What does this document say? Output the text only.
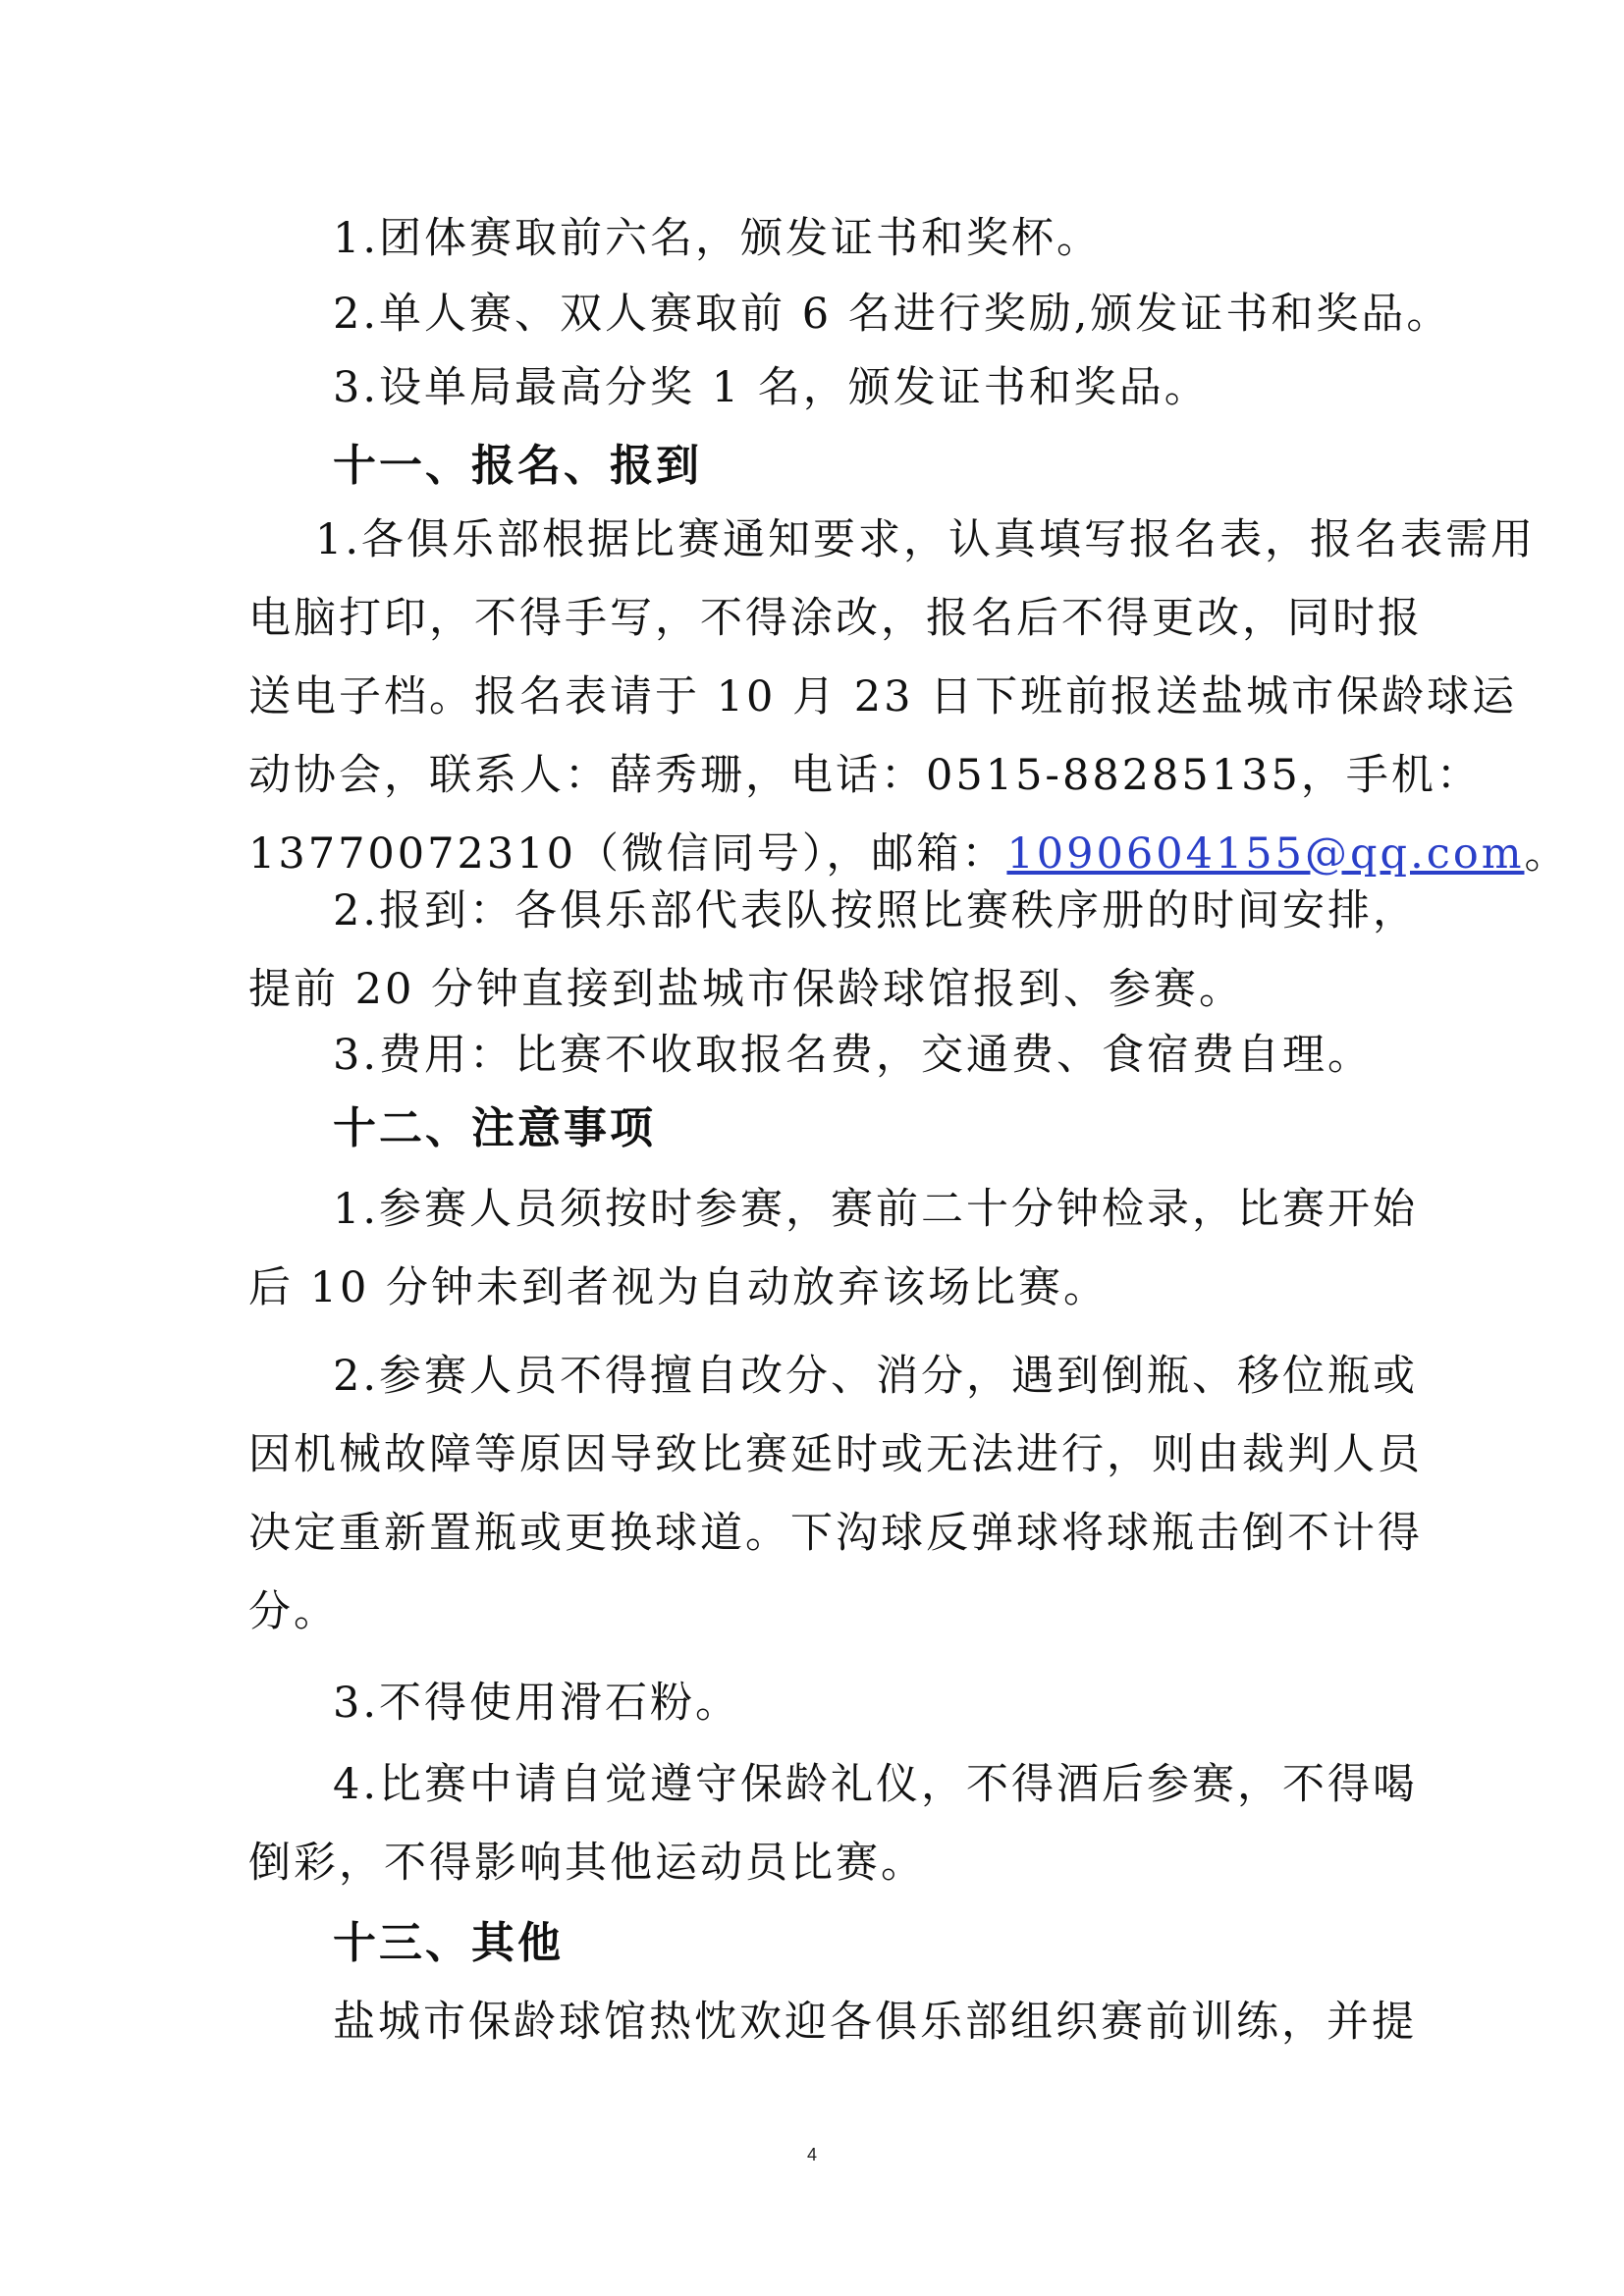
1.团体赛取前六名，颁发证书和奖杯。

2.单人赛、双人赛取前 6 名进行奖励,颁发证书和奖品。

3.设单局最高分奖 1 名，颁发证书和奖品。

十一、报名、报到

1.各俱乐部根据比赛通知要求，认真填写报名表，报名表需用
电脑打印，不得手写，不得涂改，报名后不得更改，同时报
送电子档。报名表请于 10 月 23 日下班前报送盐城市保龄球运
动协会，联系人：薛秀珊，电话：0515-88285135，手机：
13770072310（微信同号），邮箱：1090604155@qq.com。
2.报到：各俱乐部代表队按照比赛秩序册的时间安排，
提前 20 分钟直接到盐城市保龄球馆报到、参赛。

3.费用：比赛不收取报名费，交通费、食宿费自理。

十二、注意事项

1.参赛人员须按时参赛，赛前二十分钟检录，比赛开始
后 10 分钟未到者视为自动放弃该场比赛。
2.参赛人员不得擅自改分、消分，遇到倒瓶、移位瓶或
因机械故障等原因导致比赛延时或无法进行，则由裁判人员
决定重新置瓶或更换球道。下沟球反弹球将球瓶击倒不计得
分。

3.不得使用滑石粉。

4.比赛中请自觉遵守保龄礼仪，不得酒后参赛，不得喝
倒彩，不得影响其他运动员比赛。

十三、其他

盐城市保龄球馆热忱欢迎各俱乐部组织赛前训练，并提

4
